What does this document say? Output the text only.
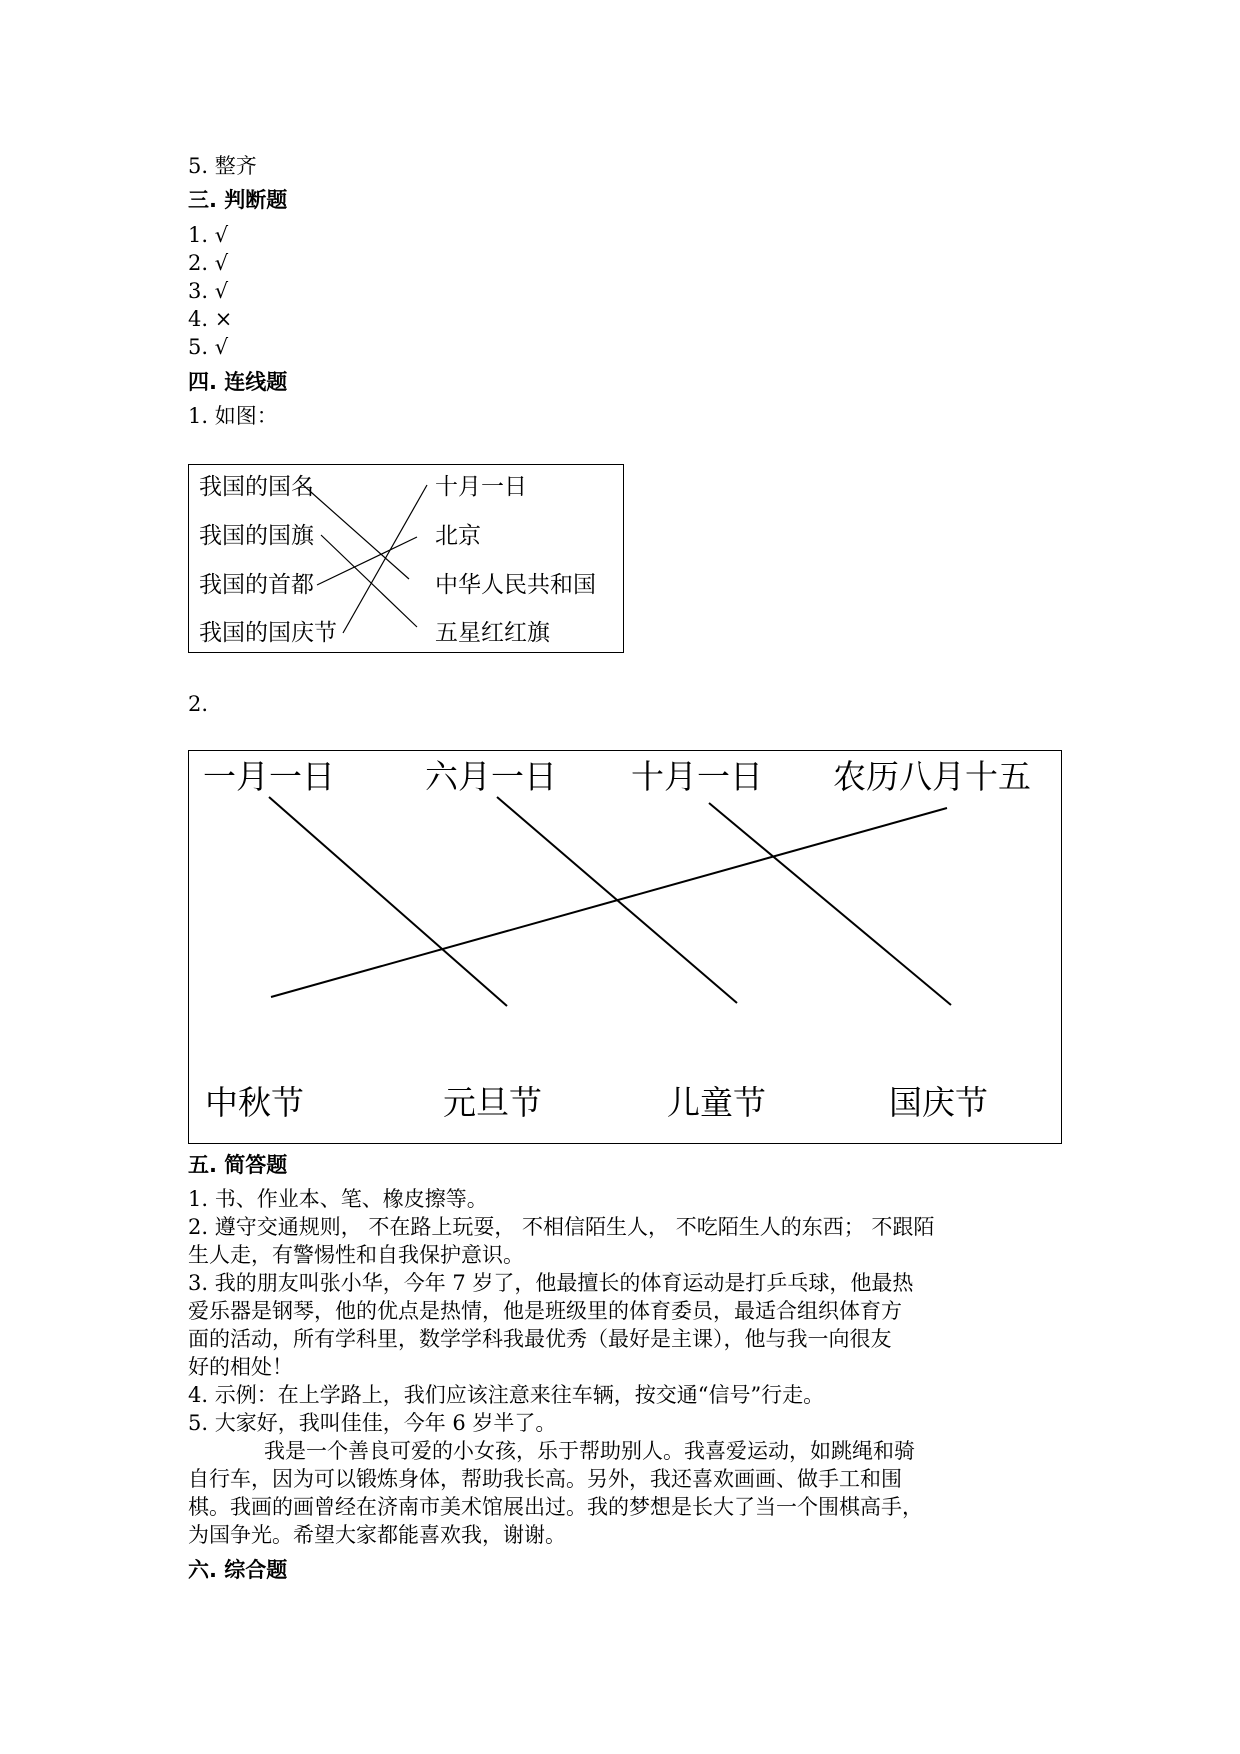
5. 整齐
三. 判断题
1. √
2. √
3. √
4. ×
5. √
四. 连线题
1. 如图：
我国的国名
我国的国旗
我国的首都
我国的国庆节
十月一日
北京
中华人民共和国
五星红红旗
2.
一月一日	六月一日 十月一日 农历八月十五
中秋节	元旦节	儿童节	国庆节
五. 简答题
1. 书、作业本、笔、橡皮擦等。
2. 遵守交通规则， 不在路上玩耍， 不相信陌生人， 不吃陌生人的东西； 不跟陌
生人走，有警惕性和自我保护意识。
3. 我的朋友叫张小华，今年 7 岁了，他最擅长的体育运动是打乒乓球，他最热
爱乐器是钢琴，他的优点是热情，他是班级里的体育委员，最适合组织体育方
面的活动，所有学科里，数学学科我最优秀（最好是主课），他与我一向很友
好的相处！
4. 示例：在上学路上，我们应该注意来往车辆，按交通“信号”行走。
5. 大家好，我叫佳佳，今年 6 岁半了。
我是一个善良可爱的小女孩，乐于帮助别人。我喜爱运动，如跳绳和骑
自行车，因为可以锻炼身体，帮助我长高。另外，我还喜欢画画、做手工和围
棋。我画的画曾经在济南市美术馆展出过。我的梦想是长大了当一个围棋高手，
为国争光。希望大家都能喜欢我，谢谢。
六. 综合题
